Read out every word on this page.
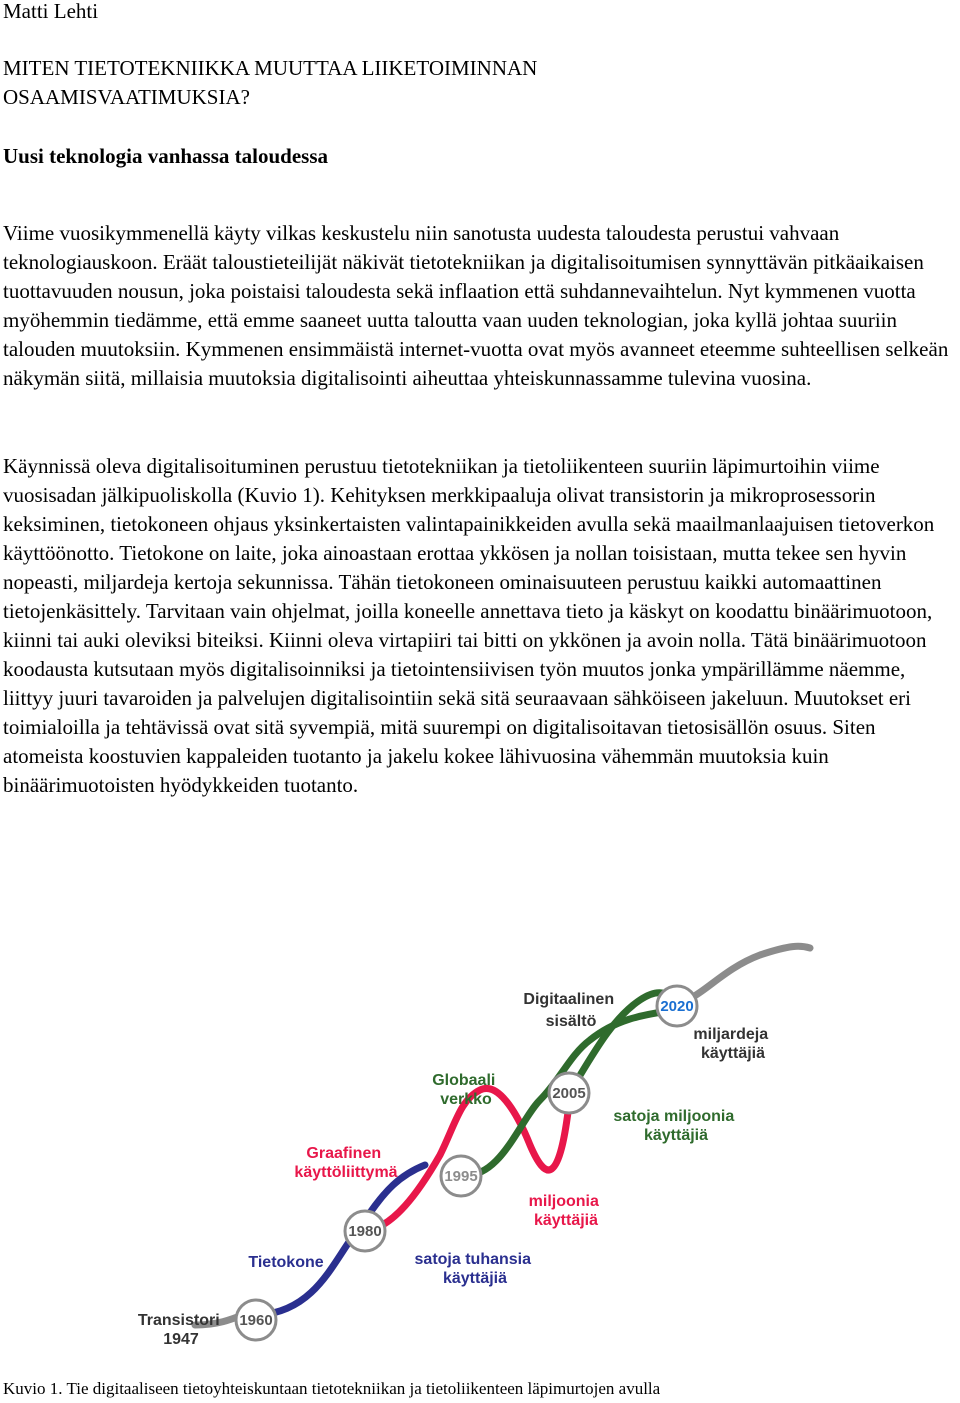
Matti Lehti

MITEN TIETOTEKNIIKKA MUUTTAA LIIKETOIMINNAN
OSAAMISVAATIMUKSIA?
Uusi teknologia vanhassa taloudessa

Viime vuosikymmenellä käyty vilkas keskustelu niin sanotusta uudesta taloudesta perustui vahvaan teknologiauskoon. Eräät taloustieteilijät näkivät tietotekniikan ja digitalisoitumisen synnyttävän pitkäaikaisen tuottavuuden nousun, joka poistaisi taloudesta sekä inflaation että suhdannevaihtelun. Nyt kymmenen vuotta myöhemmin tiedämme, että emme saaneet uutta taloutta vaan uuden teknologian, joka kyllä johtaa suuriin talouden muutoksiin. Kymmenen ensimmäistä internet-vuotta ovat myös avanneet eteemme suhteellisen selkeän näkymän siitä, millaisia muutoksia digitalisointi aiheuttaa yhteiskunnassamme tulevina vuosina.

Käynnissä oleva digitalisoituminen perustuu tietotekniikan ja tietoliikenteen suuriin läpimurtoihin viime vuosisadan jälkipuoliskolla (Kuvio 1). Kehityksen merkkipaaluja olivat transistorin ja mikroprosessorin keksiminen, tietokoneen ohjaus yksinkertaisten valintapainikkeiden avulla sekä maailmanlaajuisen tietoverkon käyttöönotto. Tietokone on laite, joka ainoastaan erottaa ykkösen ja nollan toisistaan, mutta tekee sen hyvin nopeasti, miljardeja kertoja sekunnissa. Tähän tietokoneen ominaisuuteen perustuu kaikki automaattinen tietojenkäsittely. Tarvitaan vain ohjelmat, joilla koneelle annettava tieto ja käskyt on koodattu binäärimuotoon, kiinni tai auki oleviksi biteiksi. Kiinni oleva virtapiiri tai bitti on ykkönen ja avoin nolla. Tätä binäärimuotoon koodausta kutsutaan myös digitalisoinniksi ja tietointensiivisen työn muutos jonka ympärillämme näemme, liittyy juuri tavaroiden ja palvelujen digitalisointiin sekä sitä seuraavaan sähköiseen jakeluun. Muutokset eri toimialoilla ja tehtävissä ovat sitä syvempiä, mitä suurempi on digitalisoitavan tietosisällön osuus. Siten atomeista koostuvien kappaleiden tuotanto ja jakelu kokee lähivuosina vähemmän muutoksia kuin binäärimuotoisten hyödykkeiden tuotanto.

1960
1980
1995
2005
2020
Transistori 1947
Tietokone
Graafinen käyttöliittymä
Globaali verkko
Digitaalinen sisältö
satoja tuhansia käyttäjiä
miljoonia käyttäjiä
satoja miljoonia käyttäjiä
miljardeja käyttäjiä

Kuvio 1. Tie digitaaliseen tietoyhteiskuntaan tietotekniikan ja tietoliikenteen läpimurtojen avulla
